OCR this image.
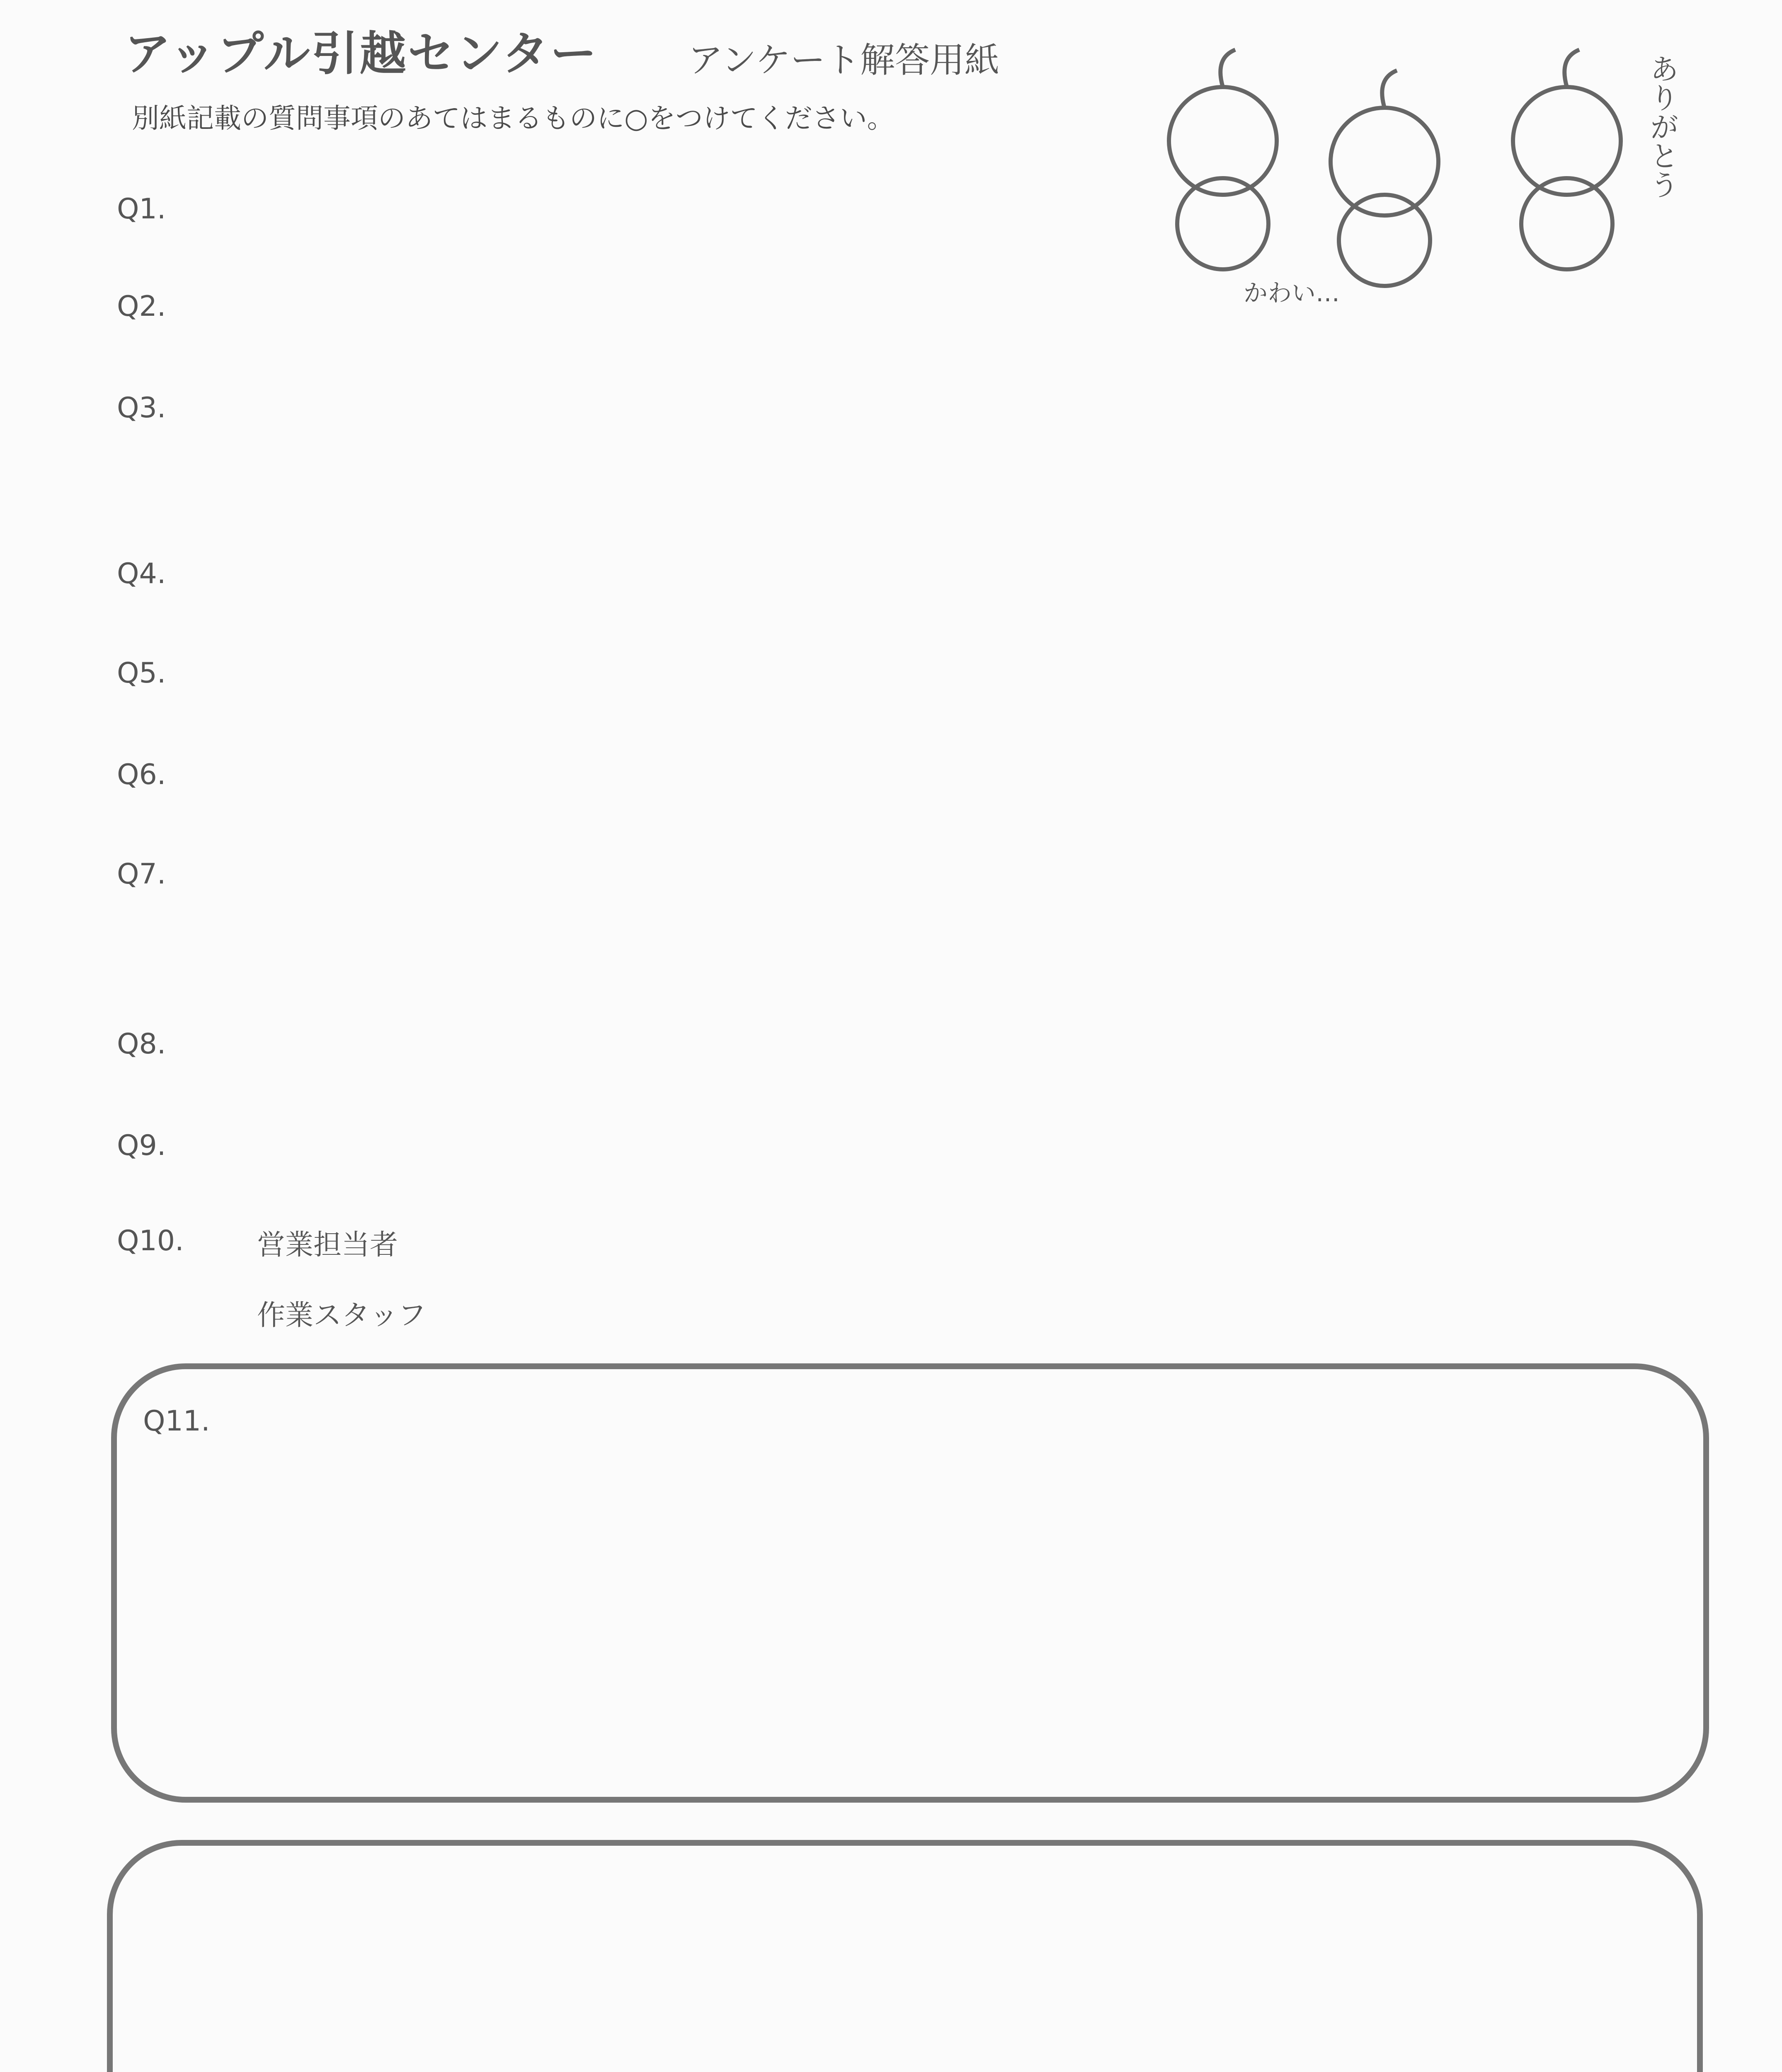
アップル引越センター	アンケート解答用紙
別紙記載の質問事項のあてはまるものに○をつけてください。	ありがとう
かわい…
Q1.
Q2.
Q3.
Q4.
Q5.
Q6.
Q7.
Q8.
Q9.
Q10.	営業担当者
作業スタッフ
Q11.
